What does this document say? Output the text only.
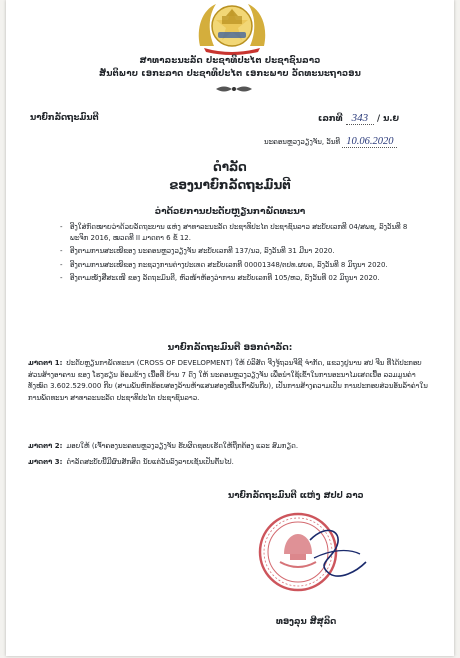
ສາທາລະນະລັດ ປະຊາທິປະໄຕ ປະຊາຊົນລາວ
ສັນຕິພາບ ເອກະລາດ ປະຊາທິປະໄຕ ເອກະພາບ ວັດທະນະຖາວອນ
ນາຍົກລັດຖະມົນຕີ	ເລກທີ 343 / ນ.ຍ
ນະຄອນຫຼວງວຽງຈັນ, ວັນທີ 10.06.2020
ດໍາລັດ
ຂອງນາຍົກລັດຖະມົນຕີ
ວ່າດ້ວຍການປະດັບຫຼຽນກາພັດທະນາ
- ອີງໃສ່ກົດໝາຍວ່າດ້ວຍລັດຖະບານ ແຫ່ງ ສາທາລະນະລັດ ປະຊາທິປະໄຕ ປະຊາຊົນລາວ ສະບັບເລກທີ 04/ສພຊ, ລົງວັນທີ 8 ພະຈິກ 2016, ໝວດທີ II ມາດຕາ 6 ຂໍ້ 12.
- ອີງຕາມການສະເໜີຂອງ ນະຄອນຫຼວງວຽງຈັນ ສະບັບເລກທີ 137/ນວ, ລົງວັນທີ 31 ມີນາ 2020.
- ອີງຕາມການສະເໜີຂອງ ກະຊວງການຕ່າງປະເທດ ສະບັບເລກທີ 00001348/ຕປທ.ຜຍຄ, ລົງວັນທີ 8 ມິຖຸນາ 2020.
- ອີງຕາມໜັງສືສະເໜີ ຂອງ ລັດຖະມົນຕີ, ຫົວໜ້າຫ້ອງວ່າການ ສະບັບເລກທີ 105/ຫວ, ລົງວັນທີ 02 ມິຖຸນາ 2020.
ນາຍົກລັດຖະມົນຕີ ອອກດໍາລັດ:
ມາດຕາ 1: ປະດັບຫຼຽນກາພັດທະນາ (CROSS OF DEVELOPMENT) ໃຫ້ ບໍລິສັດ ຈີງຈູ້ຖວນຈີຊີ ຈໍາກັດ, ແຂວງຢູນານ ສປ ຈີນ ທີ່ໄດ້ປະກອບສ່ວນສ້າງອາຄານ ຂອງ ໂຮງຮຽນ ອ້ອມຂ້າງ ເນື້ອທີ່ ບ້ານ 7 ດົງ ໃຫ້ ນະຄອນຫຼວງວຽງຈັນ ເພື່ອນໍາໃຊ້ເຂົ້າໃນການອະນາໄມເສດເນື້ອ ລວມມູນຄ່າທັງໝົດ 3.602.529.000 ກີບ (ສາມພັນຫົກຮ້ອຍສອງລ້ານຫ້າແສນສອງໝື່ນເກົ້າພັນກີບ), ເປັນການສ້າງຄວາມເປັນ ການປະກອບສ່ວນອັນລ້ຳຄ່າໃນການພັດທະນາ ສາທາລະນະລັດ ປະຊາທິປະໄຕ ປະຊາຊົນລາວ.
ມາດຕາ 2: ມອບໃຫ້ (ເຈົ້າຄອງນະຄອນຫຼວງວຽງຈັນ ຮັບຜິດຊອບເຮັດໃຫ້ຖືກຕ້ອງ ແລະ ສົມກຽດ.
ມາດຕາ 3: ດໍາລັດສະບັບນີ້ມີຜົນສັກສິດ ນັບແຕ່ວັນລົງລາຍເຊັນເປັນຕົ້ນໄປ.
ນາຍົກລັດຖະມົນຕີ ແຫ່ງ ສປປ ລາວ
ທອງລຸນ ສີສຸລິດ
